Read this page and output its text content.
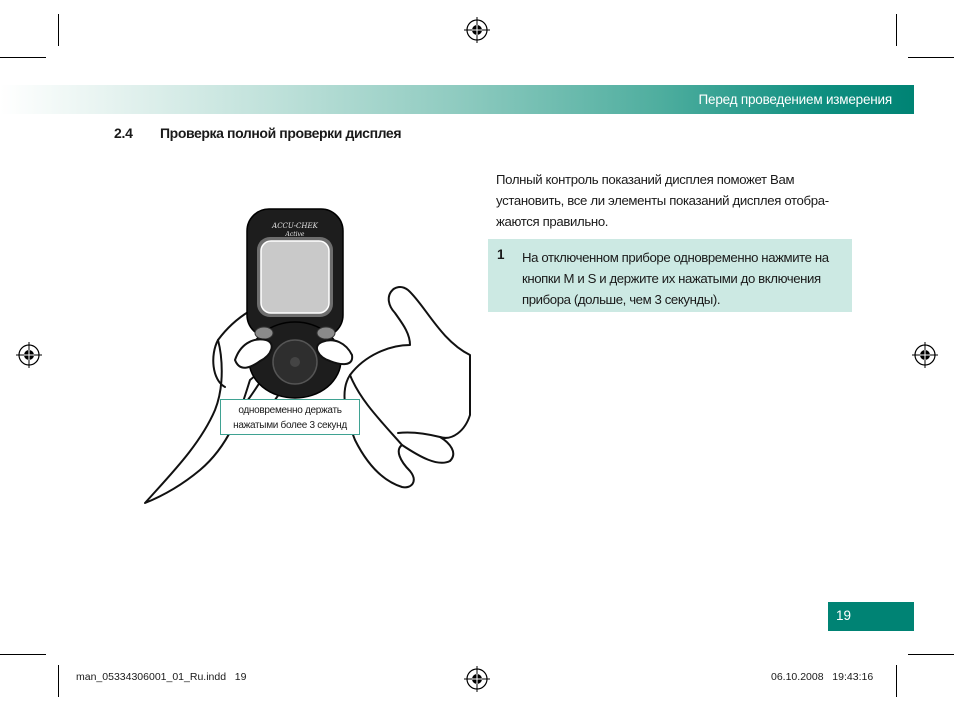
Перед проведением измерения
2.4 Проверка полной проверки дисплея
Полный контроль показаний дисплея поможет Вам
установить, все ли элементы показаний дисплея отобра-
жаются правильно.
1 На отключенном приборе одновременно нажмите на
кнопки M и S и держите их нажатыми до включения
прибора (дольше, чем 3 секунды).
ACCU-CHEK
Active
одновременно держать
нажатыми более 3 секунд
19
man_05334306001_01_Ru.indd   19	06.10.2008   19:43:16
